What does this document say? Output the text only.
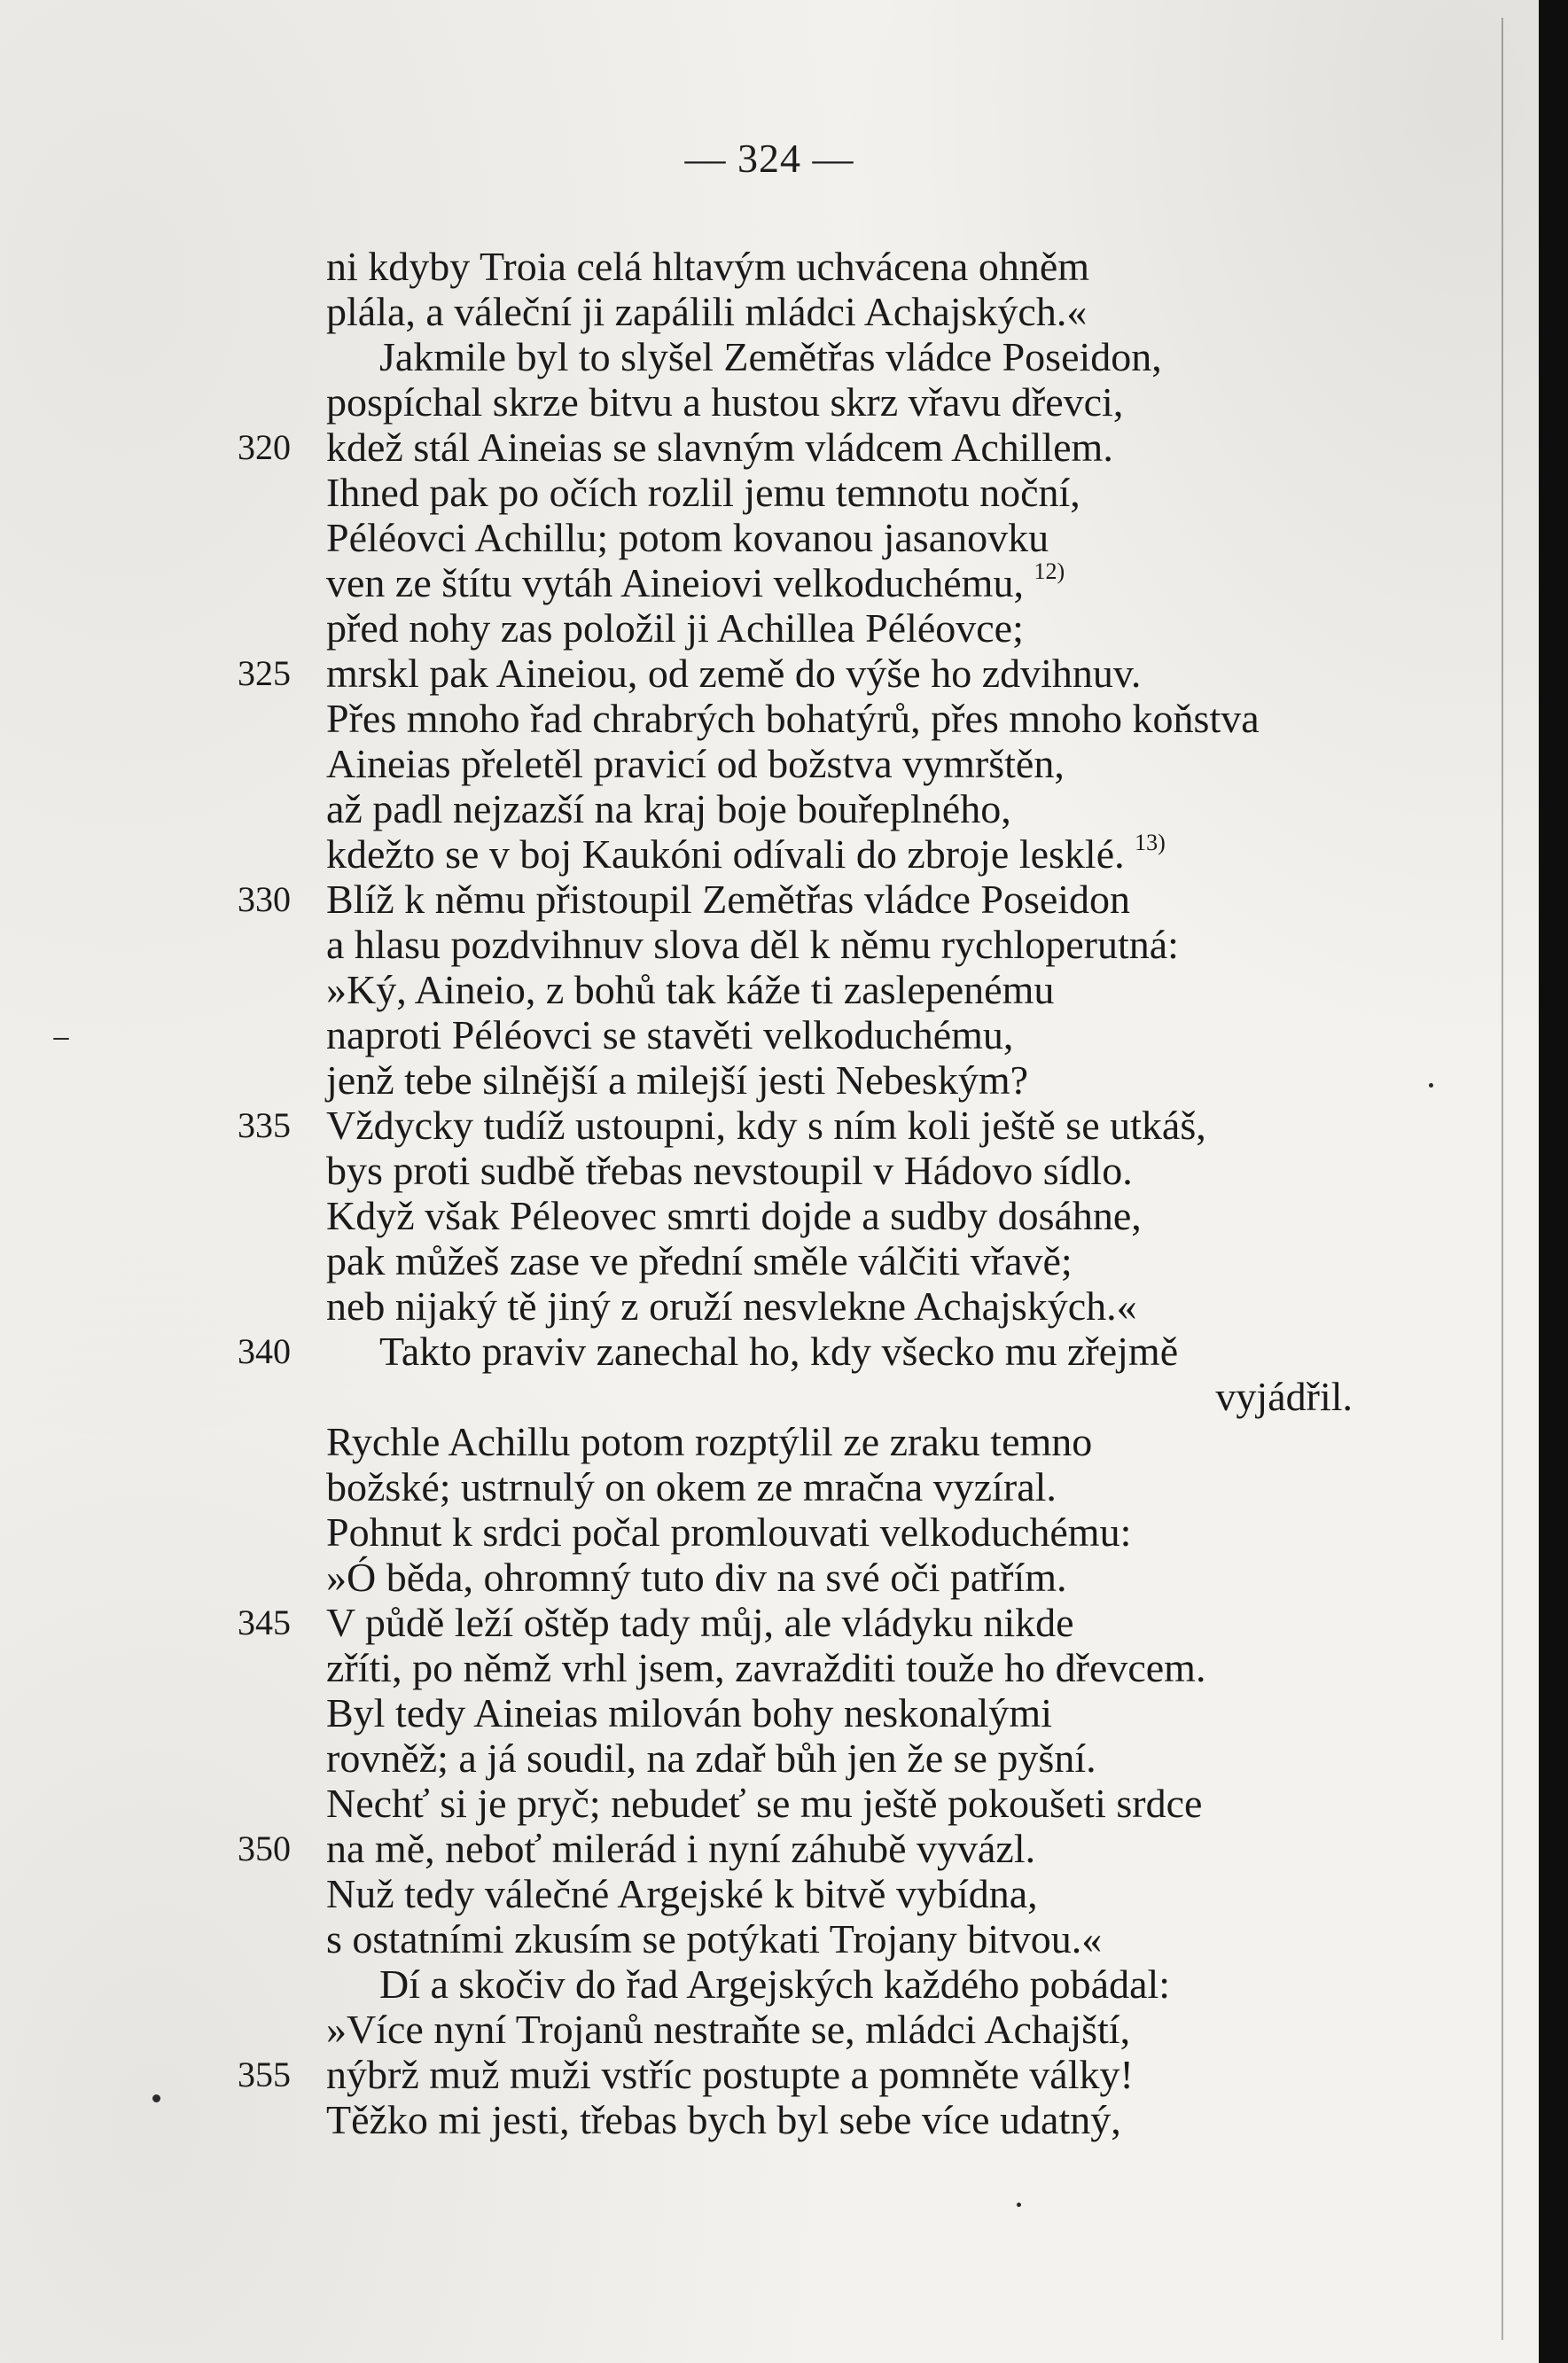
— 324 —
ni kdyby Troia celá hltavým uchvácena ohněm
plála, a váleční ji zapálili mládci Achajských.«
Jakmile byl to slyšel Zemětřas vládce Poseidon,
pospíchal skrze bitvu a hustou skrz vřavu dřevci,
320 kdež stál Aineias se slavným vládcem Achillem.
Ihned pak po očích rozlil jemu temnotu noční,
Péléovci Achillu; potom kovanou jasanovku
ven ze štítu vytáh Aineiovi velkoduchému, $^{12)}$
před nohy zas položil ji Achillea Péléovce;
325 mrskl pak Aineiou, od země do výše ho zdvihnuv.
Přes mnoho řad chrabrých bohatýrů, přes mnoho koňstva
Aineias přeletěl pravicí od božstva vymrštěn,
až padl nejzazší na kraj boje bouřeplného,
kdežto se v boj Kaukóni odívali do zbroje lesklé. $^{13)}$
330 Blíž k němu přistoupil Zemětřas vládce Poseidon
a hlasu pozdvihnuv slova děl k němu rychloperutná:
»Ký, Aineio, z bohů tak káže ti zaslepenému
naproti Péléovci se stavěti velkoduchému,
jenž tebe silnější a milejší jesti Nebeským?
335 Vždycky tudíž ustoupni, kdy s ním koli ještě se utkáš,
bys proti sudbě třebas nevstoupil v Hádovo sídlo.
Když však Péleovec smrti dojde a sudby dosáhne,
pak můžeš zase ve přední směle válčiti vřavě;
neb nijaký tě jiný z oruží nesvlekne Achajských.«
340 Takto praviv zanechal ho, kdy všecko mu zřejmě
vyjádřil.
Rychle Achillu potom rozptýlil ze zraku temno
božské; ustrnulý on okem ze mračna vyzíral.
Pohnut k srdci počal promlouvati velkoduchému:
»Ó běda, ohromný tuto div na své oči patřím.
345 V půdě leží oštěp tady můj, ale vládyku nikde
zříti, po němž vrhl jsem, zavražditi touže ho dřevcem.
Byl tedy Aineias milován bohy neskonalými
rovněž; a já soudil, na zdař bůh jen že se pyšní.
Nechť si je pryč; nebudeť se mu ještě pokoušeti srdce
350 na mě, neboť milerád i nyní záhubě vyvázl.
Nuž tedy válečné Argejské k bitvě vybídna,
s ostatními zkusím se potýkati Trojany bitvou.«
Dí a skočiv do řad Argejských každého pobádal:
»Více nyní Trojanů nestraňte se, mládci Achajští,
355 nýbrž muž muži vstříc postupte a pomněte války!
Těžko mi jesti, třebas bych byl sebe více udatný,
